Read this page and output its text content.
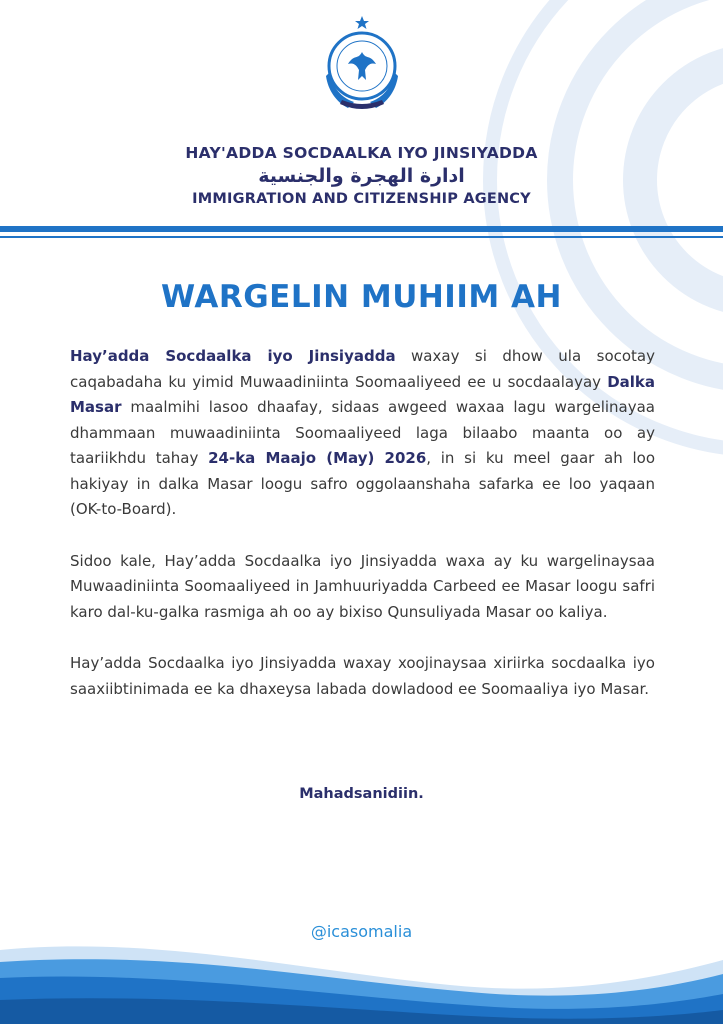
HAY'ADDA SOCDAALKA IYO JINSIYADDA
ادارة الهجرة والجنسية
IMMIGRATION AND CITIZENSHIP AGENCY
WARGELIN MUHIIM AH

Hay’adda Socdaalka iyo Jinsiyadda waxay si dhow ula socotay caqabadaha ku yimid Muwaadiniinta Soomaaliyeed ee u socdaalayay Dalka Masar maalmihi lasoo dhaafay, sidaas awgeed waxaa lagu wargelinayaa dhammaan muwaadiniinta Soomaaliyeed laga bilaabo maanta oo ay taariikhdu tahay 24-ka Maajo (May) 2026, in si ku meel gaar ah loo hakiyay in dalka Masar loogu safro oggolaanshaha safarka ee loo yaqaan (OK-to-Board).

Sidoo kale, Hay’adda Socdaalka iyo Jinsiyadda waxa ay ku wargelinaysaa Muwaadiniinta Soomaaliyeed in Jamhuuriyadda Carbeed ee Masar loogu safri karo dal-ku-galka rasmiga ah oo ay bixiso Qunsuliyada Masar oo kaliya.

Hay’adda Socdaalka iyo Jinsiyadda waxay xoojinaysaa xiriirka socdaalka iyo saaxiibtinimada ee ka dhaxeysa labada dowladood ee Soomaaliya iyo Masar.

Mahadsanidiin.
@icasomalia
